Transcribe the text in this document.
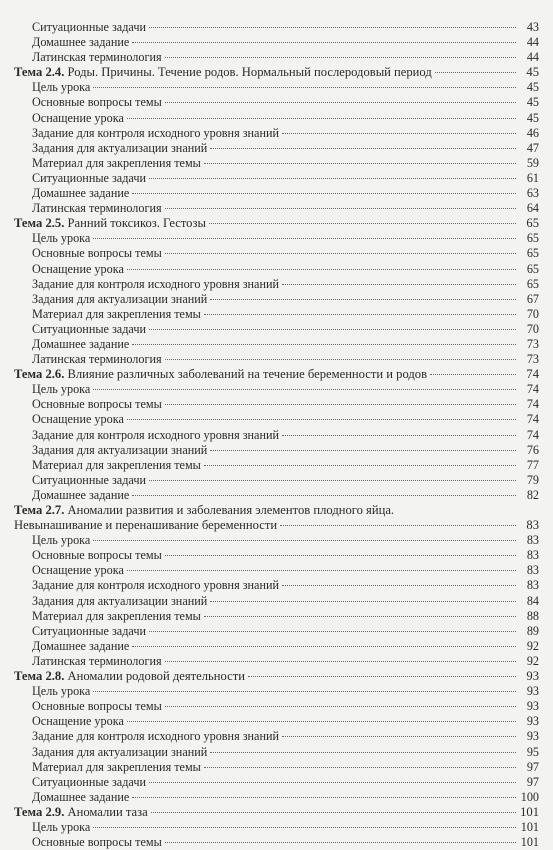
Ситуационные задачи	43
Домашнее задание	44
Латинская терминология	44
Тема 2.4. Роды. Причины. Течение родов. Нормальный послеродовый период	45
Цель урока	45
Основные вопросы темы	45
Оснащение урока	45
Задание для контроля исходного уровня знаний	46
Задания для актуализации знаний	47
Материал для закрепления темы	59
Ситуационные задачи	61
Домашнее задание	63
Латинская терминология	64
Тема 2.5. Ранний токсикоз. Гестозы	65
Цель урока	65
Основные вопросы темы	65
Оснащение урока	65
Задание для контроля исходного уровня знаний	65
Задания для актуализации знаний	67
Материал для закрепления темы	70
Ситуационные задачи	70
Домашнее задание	73
Латинская терминология	73
Тема 2.6. Влияние различных заболеваний на течение беременности и родов	74
Цель урока	74
Основные вопросы темы	74
Оснащение урока	74
Задание для контроля исходного уровня знаний	74
Задания для актуализации знаний	76
Материал для закрепления темы	77
Ситуационные задачи	79
Домашнее задание	82
Тема 2.7. Аномалии развития и заболевания элементов плодного яйца.
Невынашивание и перенашивание беременности	83
Цель урока	83
Основные вопросы темы	83
Оснащение урока	83
Задание для контроля исходного уровня знаний	83
Задания для актуализации знаний	84
Материал для закрепления темы	88
Ситуационные задачи	89
Домашнее задание	92
Латинская терминология	92
Тема 2.8. Аномалии родовой деятельности	93
Цель урока	93
Основные вопросы темы	93
Оснащение урока	93
Задание для контроля исходного уровня знаний	93
Задания для актуализации знаний	95
Материал для закрепления темы	97
Ситуационные задачи	97
Домашнее задание	100
Тема 2.9. Аномалии таза	101
Цель урока	101
Основные вопросы темы	101
